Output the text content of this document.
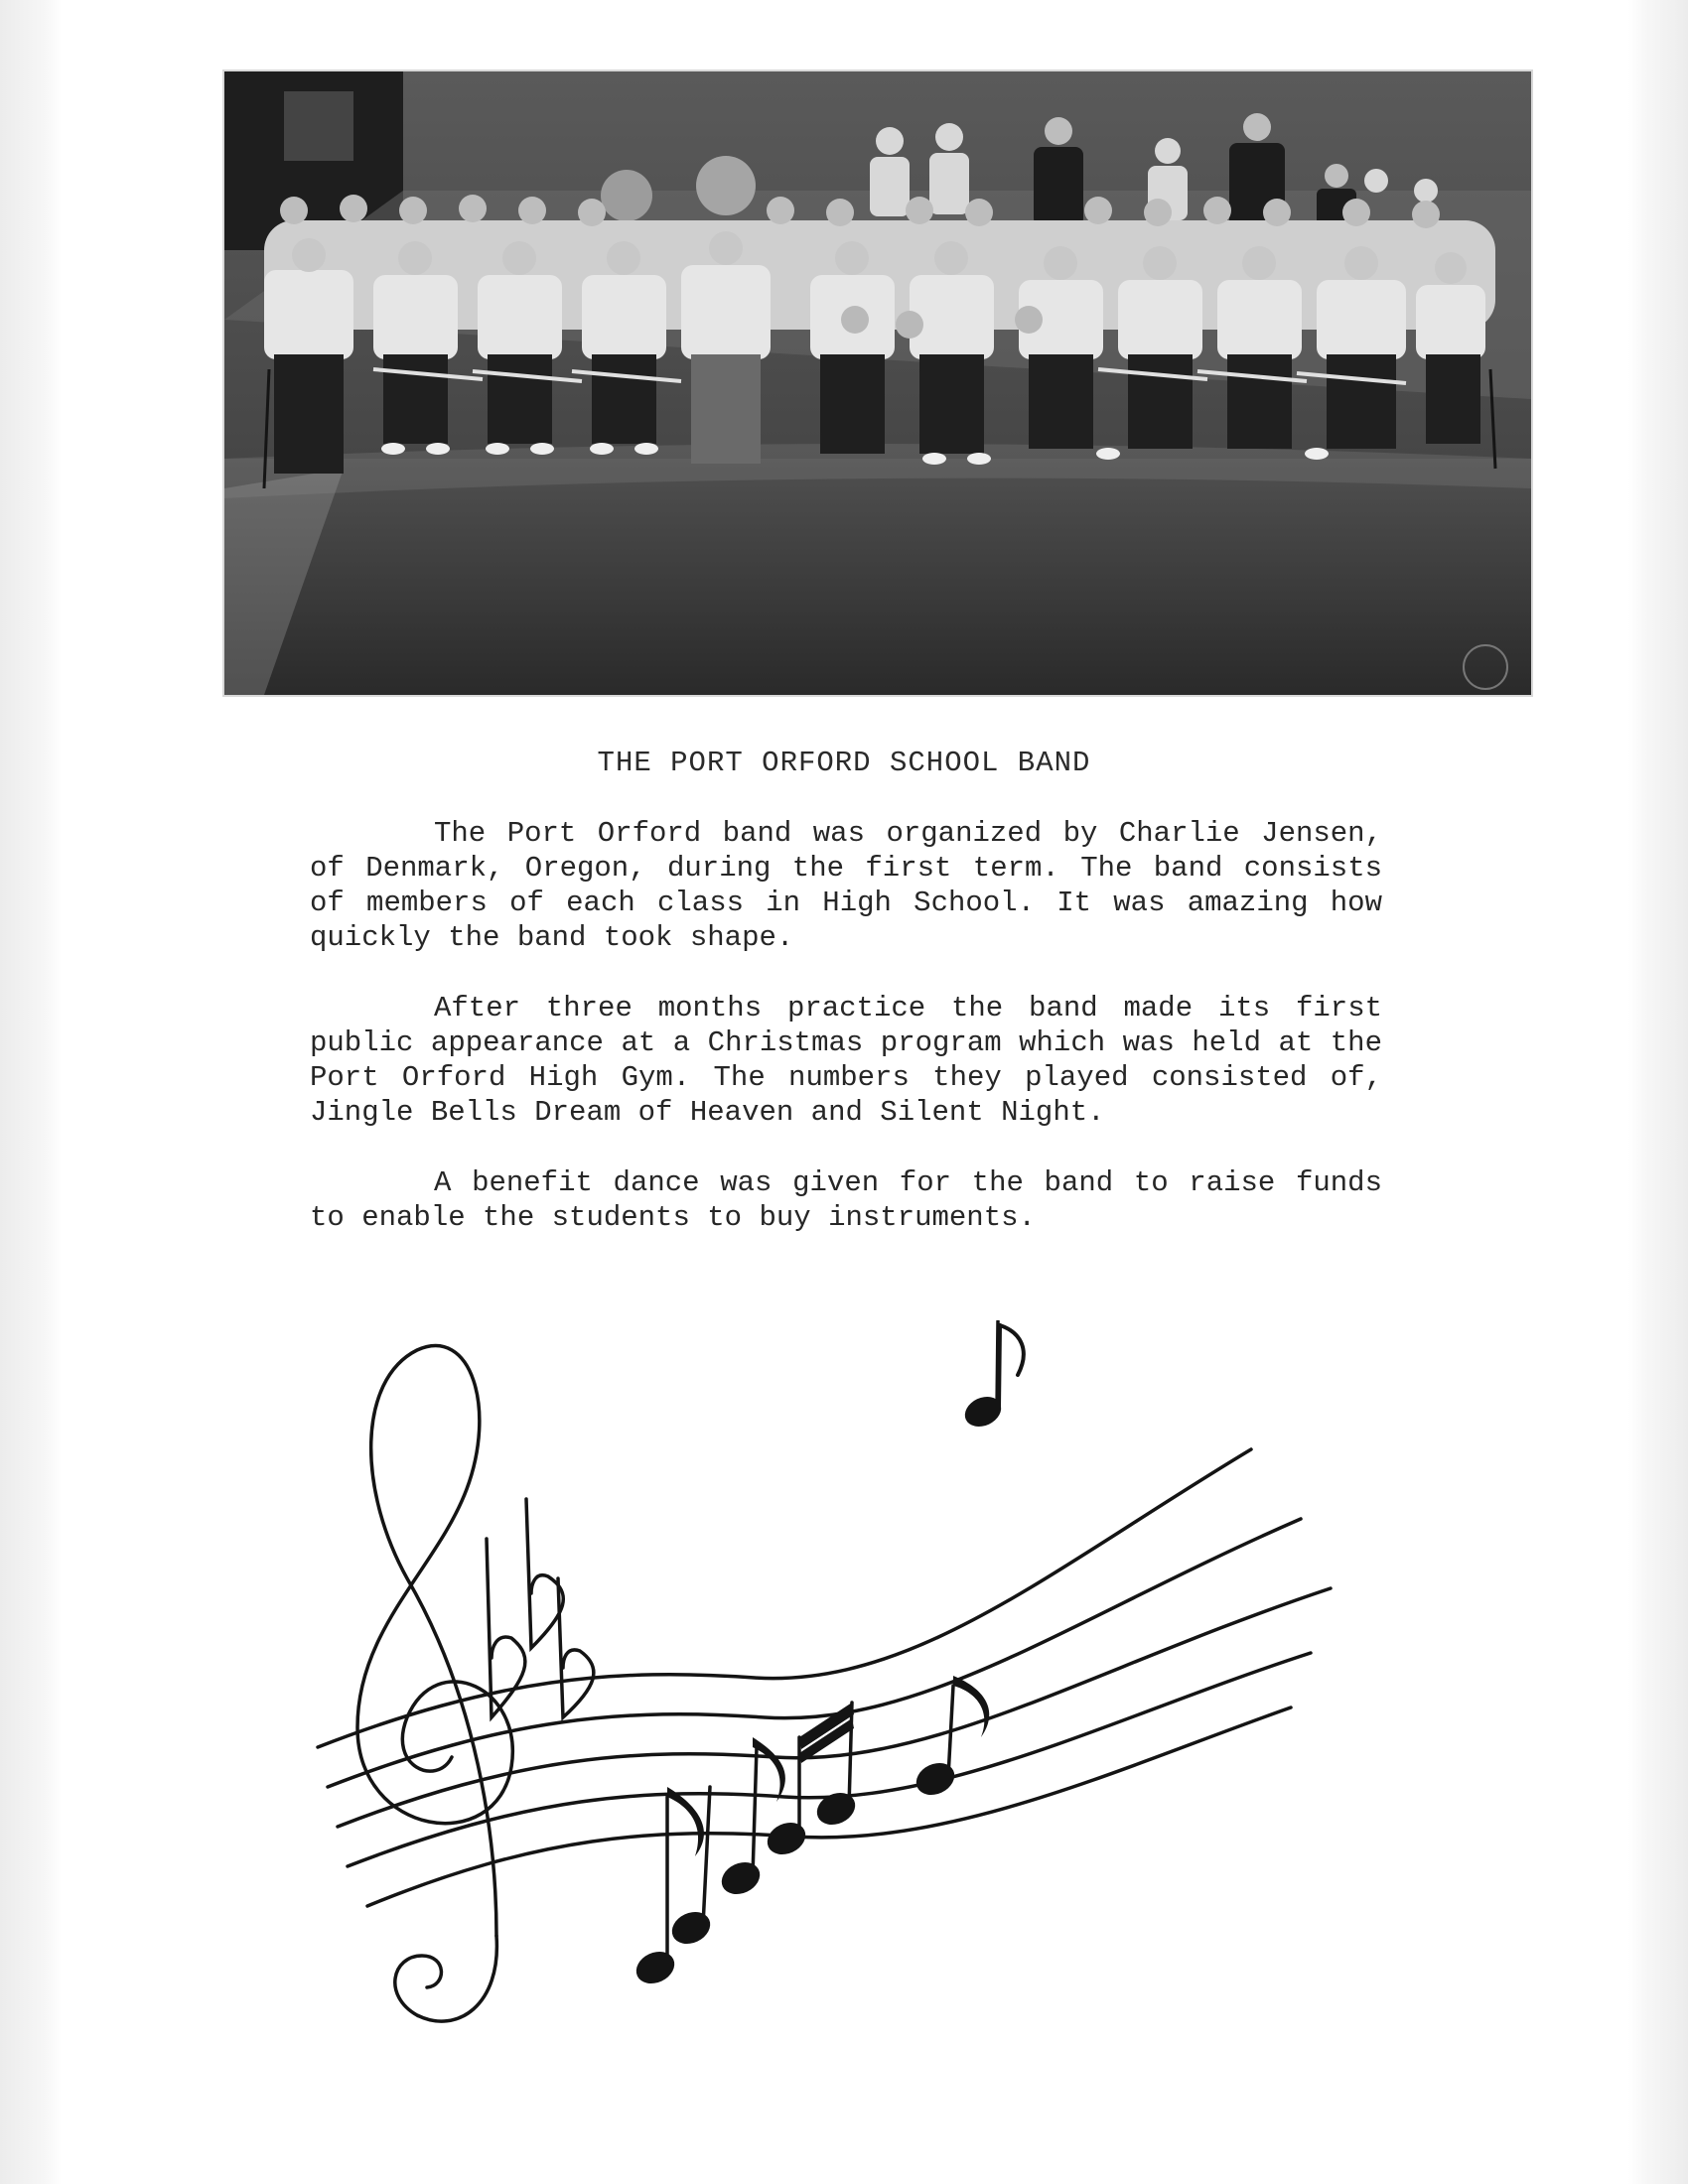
THE PORT ORFORD SCHOOL BAND

The Port Orford band was organized by Charlie Jensen, of Denmark, Oregon, during the first term. The band consists of members of each class in High School. It was amazing how quickly the band took shape.

After three months practice the band made its first public appearance at a Christmas program which was held at the Port Orford High Gym. The numbers they played consisted of, Jingle Bells Dream of Heaven and Silent Night.

A benefit dance was given for the band to raise funds to enable the students to buy instruments.
